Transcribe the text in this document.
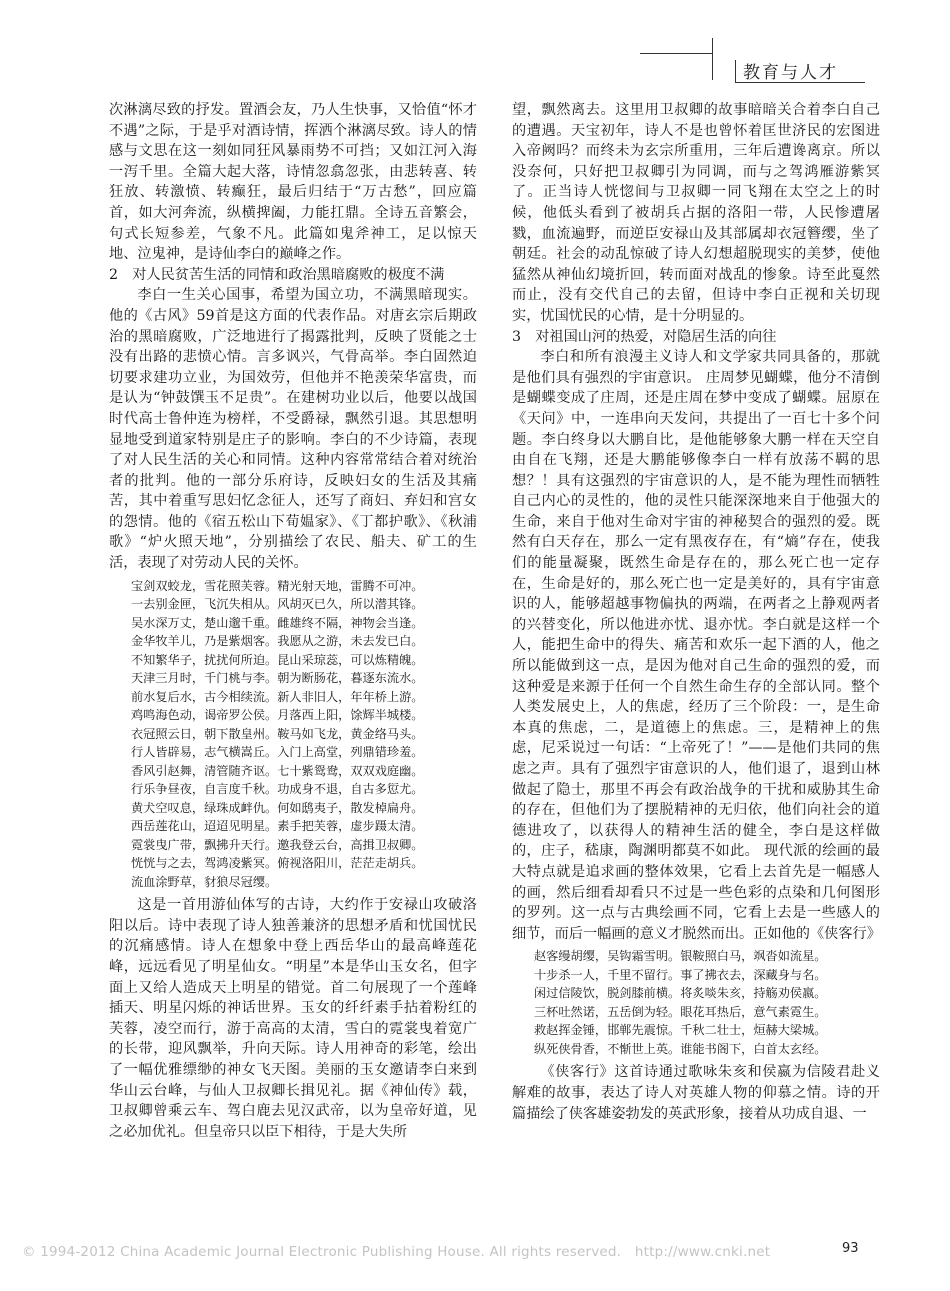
教育与人才

次淋漓尽致的抒发。置酒会友，乃人生快事，又恰值“怀才不遇”之际，于是乎对酒诗情，挥洒个淋漓尽致。诗人的情感与文思在这一刻如同狂风暴雨势不可挡；又如江河入海一泻千里。全篇大起大落，诗情忽翕忽张，由悲转喜、转狂放、转激愤、转癫狂，最后归结于“万古愁”，回应篇首，如大河奔流，纵横捭阖，力能扛鼎。全诗五音繁会，句式长短参差，气象不凡。此篇如鬼斧神工，足以惊天地、泣鬼神，是诗仙李白的巅峰之作。

2　对人民贫苦生活的同情和政治黑暗腐败的极度不满

李白一生关心国事，希望为国立功，不满黑暗现实。他的《古风》59首是这方面的代表作品。对唐玄宗后期政治的黑暗腐败，广泛地进行了揭露批判，反映了贤能之士没有出路的悲愤心情。言多讽兴，气骨高举。李白固然迫切要求建功立业，为国效劳，但他并不艳羡荣华富贵，而是认为“钟鼓馔玉不足贵”。在建树功业以后，他要以战国时代高士鲁仲连为榜样，不受爵禄，飘然引退。其思想明显地受到道家特别是庄子的影响。李白的不少诗篇，表现了对人民生活的关心和同情。这种内容常常结合着对统治者的批判。他的一部分乐府诗，反映妇女的生活及其痛苦，其中着重写思妇忆念征人，还写了商妇、弃妇和宫女的怨情。他的《宿五松山下荀媪家》、《丁都护歌》、《秋浦歌》“炉火照天地”，分别描绘了农民、船夫、矿工的生活，表现了对劳动人民的关怀。

宝剑双蛟龙，雪花照芙蓉。精光射天地，雷腾不可冲。
一去别金匣，飞沉失相从。风胡灭已久，所以潜其锋。
吴水深万丈，楚山邈千重。雌雄终不隔，神物会当逢。
金华牧羊儿，乃是紫烟客。我愿从之游，未去发已白。
不知繁华子，扰扰何所迫。昆山采琼蕊，可以炼精魄。
天津三月时，千门桃与李。朝为断肠花，暮逐东流水。
前水复后水，古今相续流。新人非旧人，年年桥上游。
鸡鸣海色动，谒帝罗公侯。月落西上阳，馀辉半城楼。
衣冠照云日，朝下散皇州。鞍马如飞龙，黄金络马头。
行人皆辟易，志气横嵩丘。入门上高堂，列鼎错珍羞。
香风引赵舞，清管随齐讴。七十紫鸳鸯，双双戏庭幽。
行乐争昼夜，自言度千秋。功成身不退，自古多愆尤。
黄犬空叹息，绿珠成衅仇。何如鸱夷子，散发棹扁舟。
西岳莲花山，迢迢见明星。素手把芙蓉，虚步蹑太清。
霓裳曳广带，飘拂升天行。邀我登云台，高揖卫叔卿。
恍恍与之去，驾鸿凌紫冥。俯视洛阳川，茫茫走胡兵。
流血涂野草，豺狼尽冠缨。

这是一首用游仙体写的古诗，大约作于安禄山攻破洛阳以后。诗中表现了诗人独善兼济的思想矛盾和忧国忧民的沉痛感情。诗人在想象中登上西岳华山的最高峰莲花峰，远远看见了明星仙女。“明星”本是华山玉女名，但字面上又给人造成天上明星的错觉。首二句展现了一个莲峰插天、明星闪烁的神话世界。玉女的纤纤素手拈着粉红的芙蓉，凌空而行，游于高高的太清，雪白的霓裳曳着宽广的长带，迎风飘举，升向天际。诗人用神奇的彩笔，绘出了一幅优雅缥缈的神女飞天图。美丽的玉女邀请李白来到华山云台峰，与仙人卫叔卿长揖见礼。据《神仙传》载，卫叔卿曾乘云车、驾白鹿去见汉武帝，以为皇帝好道，见之必加优礼。但皇帝只以臣下相待，于是大失所

望，飘然离去。这里用卫叔卿的故事暗暗关合着李白自己的遭遇。天宝初年，诗人不是也曾怀着匡世济民的宏图进入帝阙吗？而终未为玄宗所重用，三年后遭谗离京。所以没奈何，只好把卫叔卿引为同调，而与之驾鸿雁游紫冥了。正当诗人恍惚间与卫叔卿一同飞翔在太空之上的时候，他低头看到了被胡兵占据的洛阳一带，人民惨遭屠戮，血流遍野，而逆臣安禄山及其部属却衣冠簪缨，坐了朝廷。社会的动乱惊破了诗人幻想超脱现实的美梦，使他猛然从神仙幻境折回，转而面对战乱的惨象。诗至此戛然而止，没有交代自己的去留，但诗中李白正视和关切现实，忧国忧民的心情，是十分明显的。

3　对祖国山河的热爱，对隐居生活的向往

李白和所有浪漫主义诗人和文学家共同具备的，那就是他们具有强烈的宇宙意识。 庄周梦见蝴蝶，他分不清倒是蝴蝶变成了庄周，还是庄周在梦中变成了蝴蝶。屈原在《天问》中，一连串向天发问，共提出了一百七十多个问题。李白终身以大鹏自比，是他能够象大鹏一样在天空自由自在飞翔，还是大鹏能够像李白一样有放荡不羁的思想？！具有这强烈的宇宙意识的人，是不能为理性而牺牲自己内心的灵性的，他的灵性只能深深地来自于他强大的生命，来自于他对生命对宇宙的神秘契合的强烈的爱。既然有白天存在，那么一定有黑夜存在，有“熵”存在，使我们的能量凝聚，既然生命是存在的，那么死亡也一定存在，生命是好的，那么死亡也一定是美好的，具有宇宙意识的人，能够超越事物偏执的两端，在两者之上静观两者的兴替变化，所以他进亦忧、退亦忧。李白就是这样一个人，能把生命中的得失、痛苦和欢乐一起下酒的人，他之所以能做到这一点，是因为他对自己生命的强烈的爱，而这种爱是来源于任何一个自然生命生存的全部认同。整个人类发展史上，人的焦虑，经历了三个阶段：一，是生命本真的焦虑，二，是道德上的焦虑。三，是精神上的焦虑，尼采说过一句话：“上帝死了！”——是他们共同的焦虑之声。具有了强烈宇宙意识的人，他们退了，退到山林做起了隐士，那里不再会有政治战争的干扰和威胁其生命的存在，但他们为了摆脱精神的无归依，他们向社会的道德进攻了，以获得人的精神生活的健全，李白是这样做的，庄子，嵇康，陶渊明都莫不如此。 现代派的绘画的最大特点就是追求画的整体效果，它看上去首先是一幅感人的画，然后细看却看只不过是一些色彩的点染和几何图形的罗列。这一点与古典绘画不同，它看上去是一些感人的细节，而后一幅画的意义才脱然而出。正如他的《侠客行》

赵客缦胡缨，吴钩霜雪明。银鞍照白马，飒沓如流星。
十步杀一人，千里不留行。事了拂衣去，深藏身与名。
闲过信陵饮，脱剑膝前横。将炙啖朱亥，持觞劝侯嬴。
三杯吐然诺，五岳倒为轻。眼花耳热后，意气素霓生。
救赵挥金锤，邯郸先震惊。千秋二壮士，烜赫大梁城。
纵死侠骨香，不惭世上英。谁能书阁下，白首太玄经。

《侠客行》这首诗通过歌咏朱亥和侯嬴为信陵君赴义解难的故事，表达了诗人对英雄人物的仰慕之情。诗的开篇描绘了侠客雄姿勃发的英武形象，接着从功成自退、一

© 1994-2012 China Academic Journal Electronic Publishing House. All rights reserved.　http://www.cnki.net	93
